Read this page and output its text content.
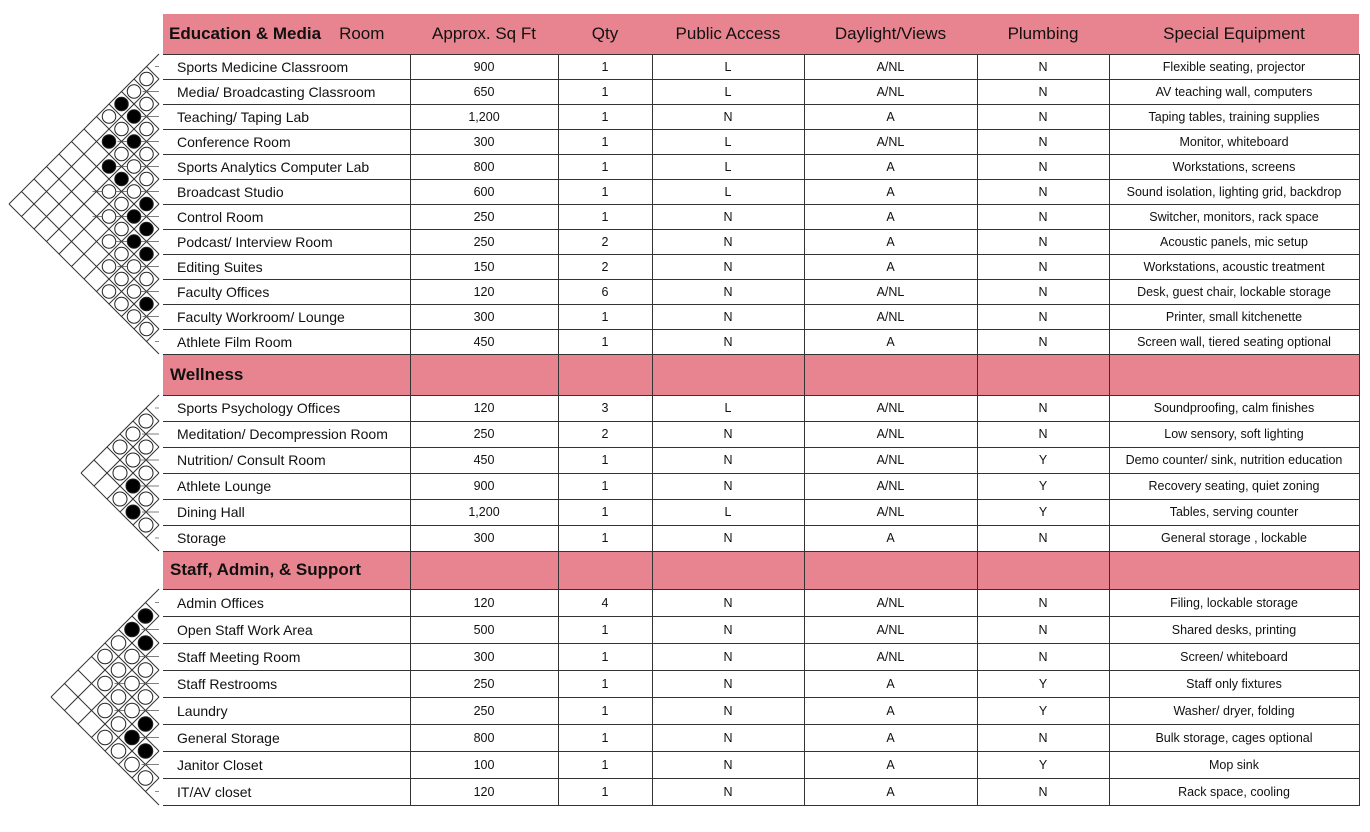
Education & Media Room	Approx. Sq Ft	Qty	Public Access	Daylight/Views	Plumbing	Special Equipment
Sports Medicine Classroom	900	1	L	A/NL	N	Flexible seating, projector
Media/ Broadcasting Classroom	650	1	L	A/NL	N	AV teaching wall, computers
Teaching/ Taping Lab	1,200	1	N	A	N	Taping tables, training supplies
Conference Room	300	1	L	A/NL	N	Monitor, whiteboard
Sports Analytics Computer Lab	800	1	L	A	N	Workstations, screens
Broadcast Studio	600	1	L	A	N	Sound isolation, lighting grid, backdrop
Control Room	250	1	N	A	N	Switcher, monitors, rack space
Podcast/ Interview Room	250	2	N	A	N	Acoustic panels, mic setup
Editing Suites	150	2	N	A	N	Workstations, acoustic treatment
Faculty Offices	120	6	N	A/NL	N	Desk, guest chair, lockable storage
Faculty Workroom/ Lounge	300	1	N	A/NL	N	Printer, small kitchenette
Athlete Film Room	450	1	N	A	N	Screen wall, tiered seating optional
Wellness						
Sports Psychology Offices	120	3	L	A/NL	N	Soundproofing, calm finishes
Meditation/ Decompression Room	250	2	N	A/NL	N	Low sensory, soft lighting
Nutrition/ Consult Room	450	1	N	A/NL	Y	Demo counter/ sink, nutrition education
Athlete Lounge	900	1	N	A/NL	Y	Recovery seating, quiet zoning
Dining Hall	1,200	1	L	A/NL	Y	Tables, serving counter
Storage	300	1	N	A	N	General storage , lockable
Staff, Admin, & Support						
Admin Offices	120	4	N	A/NL	N	Filing, lockable storage
Open Staff Work Area	500	1	N	A/NL	N	Shared desks, printing
Staff Meeting Room	300	1	N	A/NL	N	Screen/ whiteboard
Staff Restrooms	250	1	N	A	Y	Staff only fixtures
Laundry	250	1	N	A	Y	Washer/ dryer, folding
General Storage	800	1	N	A	N	Bulk storage, cages optional
Janitor Closet	100	1	N	A	Y	Mop sink
IT/AV closet	120	1	N	A	N	Rack space, cooling
